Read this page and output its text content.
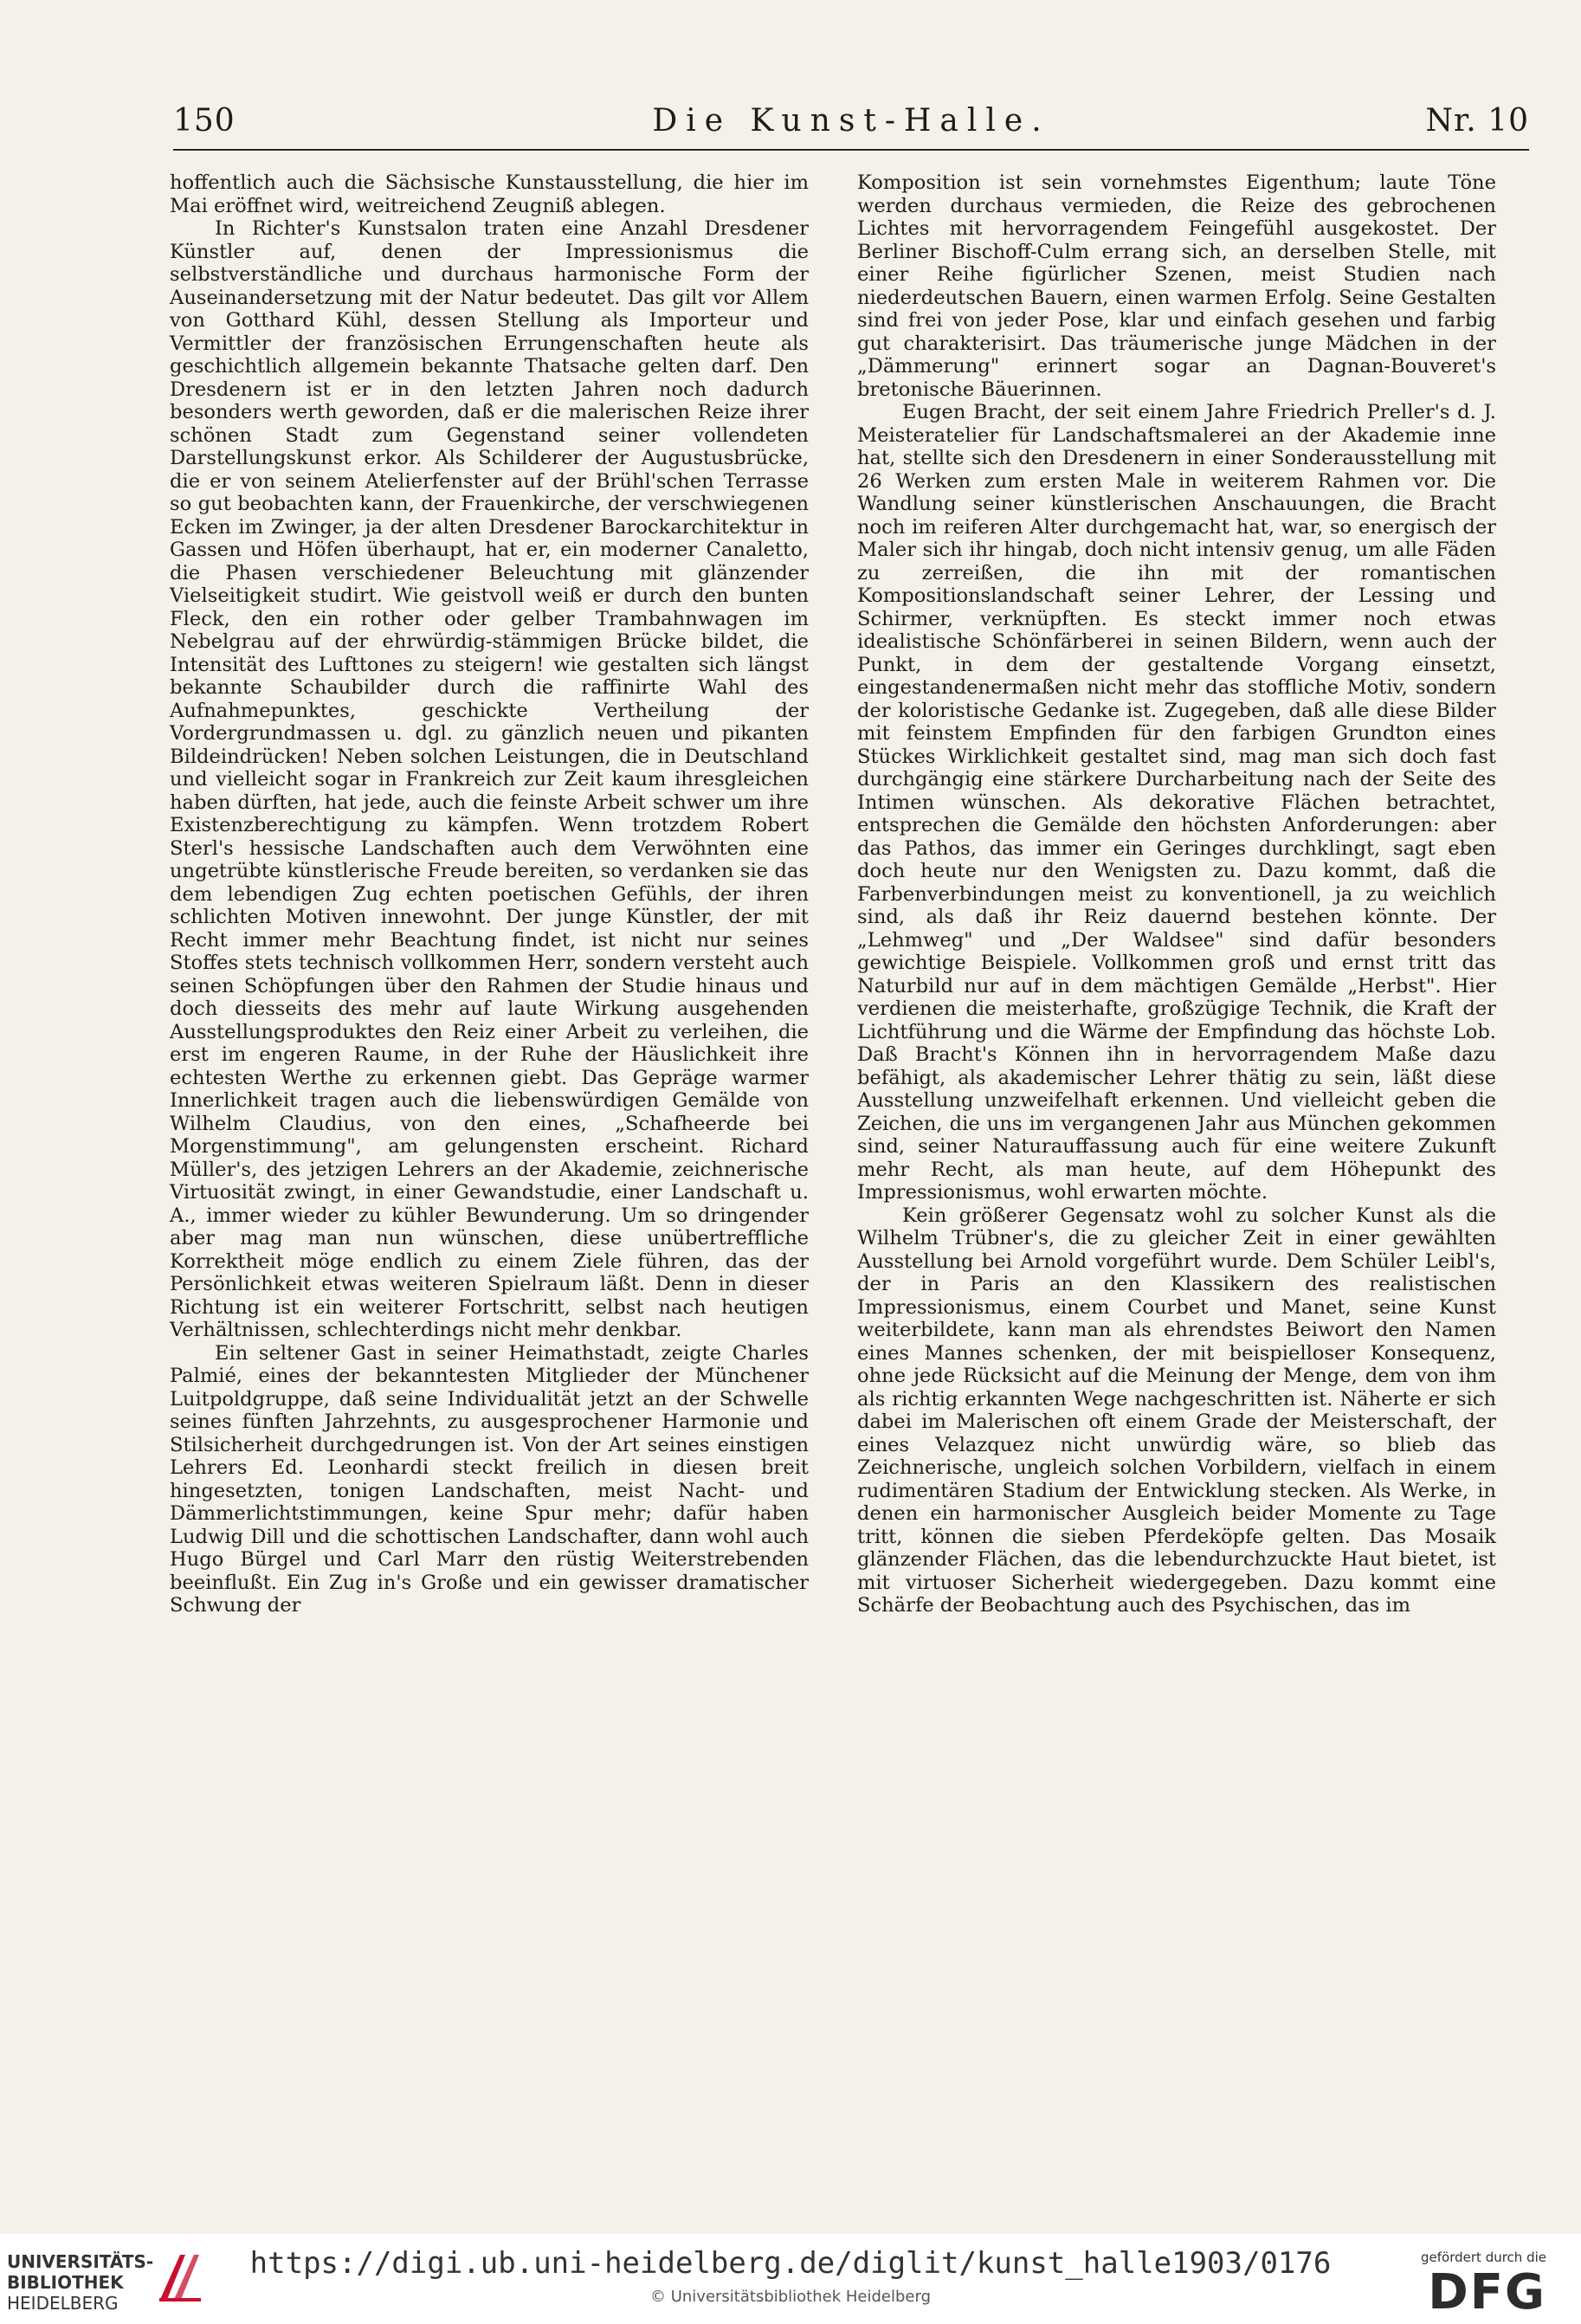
Die Kunst-Halle.
150	Nr. 10

hoffentlich auch die Sächsische Kunstausstellung, die hier im Mai eröffnet wird, weitreichend Zeugniß ablegen.

In Richter's Kunstsalon traten eine Anzahl Dresdener Künstler auf, denen der Impressionismus die selbstverständliche und durchaus harmonische Form der Auseinandersetzung mit der Natur bedeutet. Das gilt vor Allem von Gotthard Kühl, dessen Stellung als Importeur und Vermittler der französischen Errungenschaften heute als geschichtlich allgemein bekannte Thatsache gelten darf. Den Dresdenern ist er in den letzten Jahren noch dadurch besonders werth geworden, daß er die malerischen Reize ihrer schönen Stadt zum Gegenstand seiner vollendeten Darstellungskunst erkor. Als Schilderer der Augustusbrücke, die er von seinem Atelierfenster auf der Brühl'schen Terrasse so gut beobachten kann, der Frauenkirche, der verschwiegenen Ecken im Zwinger, ja der alten Dresdener Barockarchitektur in Gassen und Höfen überhaupt, hat er, ein moderner Canaletto, die Phasen verschiedener Beleuchtung mit glänzender Vielseitigkeit studirt. Wie geistvoll weiß er durch den bunten Fleck, den ein rother oder gelber Trambahnwagen im Nebelgrau auf der ehrwürdig-stämmigen Brücke bildet, die Intensität des Lufttones zu steigern! wie gestalten sich längst bekannte Schaubilder durch die raffinirte Wahl des Aufnahmepunktes, geschickte Vertheilung der Vordergrundmassen u. dgl. zu gänzlich neuen und pikanten Bildeindrücken! Neben solchen Leistungen, die in Deutschland und vielleicht sogar in Frankreich zur Zeit kaum ihresgleichen haben dürften, hat jede, auch die feinste Arbeit schwer um ihre Existenzberechtigung zu kämpfen. Wenn trotzdem Robert Sterl's hessische Landschaften auch dem Verwöhnten eine ungetrübte künstlerische Freude bereiten, so verdanken sie das dem lebendigen Zug echten poetischen Gefühls, der ihren schlichten Motiven innewohnt. Der junge Künstler, der mit Recht immer mehr Beachtung findet, ist nicht nur seines Stoffes stets technisch vollkommen Herr, sondern versteht auch seinen Schöpfungen über den Rahmen der Studie hinaus und doch diesseits des mehr auf laute Wirkung ausgehenden Ausstellungsproduktes den Reiz einer Arbeit zu verleihen, die erst im engeren Raume, in der Ruhe der Häuslichkeit ihre echtesten Werthe zu erkennen giebt. Das Gepräge warmer Innerlichkeit tragen auch die liebenswürdigen Gemälde von Wilhelm Claudius, von den eines, „Schafheerde bei Morgenstimmung", am gelungensten erscheint. Richard Müller's, des jetzigen Lehrers an der Akademie, zeichnerische Virtuosität zwingt, in einer Gewandstudie, einer Landschaft u. A., immer wieder zu kühler Bewunderung. Um so dringender aber mag man nun wünschen, diese unübertreffliche Korrektheit möge endlich zu einem Ziele führen, das der Persönlichkeit etwas weiteren Spielraum läßt. Denn in dieser Richtung ist ein weiterer Fortschritt, selbst nach heutigen Verhältnissen, schlechterdings nicht mehr denkbar.

Ein seltener Gast in seiner Heimathstadt, zeigte Charles Palmié, eines der bekanntesten Mitglieder der Münchener Luitpoldgruppe, daß seine Individualität jetzt an der Schwelle seines fünften Jahrzehnts, zu ausgesprochener Harmonie und Stilsicherheit durchgedrungen ist. Von der Art seines einstigen Lehrers Ed. Leonhardi steckt freilich in diesen breit hingesetzten, tonigen Landschaften, meist Nacht- und Dämmerlichtstimmungen, keine Spur mehr; dafür haben Ludwig Dill und die schottischen Landschafter, dann wohl auch Hugo Bürgel und Carl Marr den rüstig Weiterstrebenden beeinflußt. Ein Zug in's Große und ein gewisser dramatischer Schwung der

Komposition ist sein vornehmstes Eigenthum; laute Töne werden durchaus vermieden, die Reize des gebrochenen Lichtes mit hervorragendem Feingefühl ausgekostet. Der Berliner Bischoff-Culm errang sich, an derselben Stelle, mit einer Reihe figürlicher Szenen, meist Studien nach niederdeutschen Bauern, einen warmen Erfolg. Seine Gestalten sind frei von jeder Pose, klar und einfach gesehen und farbig gut charakterisirt. Das träumerische junge Mädchen in der „Dämmerung" erinnert sogar an Dagnan-Bouveret's bretonische Bäuerinnen.

Eugen Bracht, der seit einem Jahre Friedrich Preller's d. J. Meisteratelier für Landschaftsmalerei an der Akademie inne hat, stellte sich den Dresdenern in einer Sonderausstellung mit 26 Werken zum ersten Male in weiterem Rahmen vor. Die Wandlung seiner künstlerischen Anschauungen, die Bracht noch im reiferen Alter durchgemacht hat, war, so energisch der Maler sich ihr hingab, doch nicht intensiv genug, um alle Fäden zu zerreißen, die ihn mit der romantischen Kompositionslandschaft seiner Lehrer, der Lessing und Schirmer, verknüpften. Es steckt immer noch etwas idealistische Schönfärberei in seinen Bildern, wenn auch der Punkt, in dem der gestaltende Vorgang einsetzt, eingestandenermaßen nicht mehr das stoffliche Motiv, sondern der koloristische Gedanke ist. Zugegeben, daß alle diese Bilder mit feinstem Empfinden für den farbigen Grundton eines Stückes Wirklichkeit gestaltet sind, mag man sich doch fast durchgängig eine stärkere Durcharbeitung nach der Seite des Intimen wünschen. Als dekorative Flächen betrachtet, entsprechen die Gemälde den höchsten Anforderungen: aber das Pathos, das immer ein Geringes durchklingt, sagt eben doch heute nur den Wenigsten zu. Dazu kommt, daß die Farbenverbindungen meist zu konventionell, ja zu weichlich sind, als daß ihr Reiz dauernd bestehen könnte. Der „Lehmweg" und „Der Waldsee" sind dafür besonders gewichtige Beispiele. Vollkommen groß und ernst tritt das Naturbild nur auf in dem mächtigen Gemälde „Herbst". Hier verdienen die meisterhafte, großzügige Technik, die Kraft der Lichtführung und die Wärme der Empfindung das höchste Lob. Daß Bracht's Können ihn in hervorragendem Maße dazu befähigt, als akademischer Lehrer thätig zu sein, läßt diese Ausstellung unzweifelhaft erkennen. Und vielleicht geben die Zeichen, die uns im vergangenen Jahr aus München gekommen sind, seiner Naturauffassung auch für eine weitere Zukunft mehr Recht, als man heute, auf dem Höhepunkt des Impressionismus, wohl erwarten möchte.

Kein größerer Gegensatz wohl zu solcher Kunst als die Wilhelm Trübner's, die zu gleicher Zeit in einer gewählten Ausstellung bei Arnold vorgeführt wurde. Dem Schüler Leibl's, der in Paris an den Klassikern des realistischen Impressionismus, einem Courbet und Manet, seine Kunst weiterbildete, kann man als ehrendstes Beiwort den Namen eines Mannes schenken, der mit beispielloser Konsequenz, ohne jede Rücksicht auf die Meinung der Menge, dem von ihm als richtig erkannten Wege nachgeschritten ist. Näherte er sich dabei im Malerischen oft einem Grade der Meisterschaft, der eines Velazquez nicht unwürdig wäre, so blieb das Zeichnerische, ungleich solchen Vorbildern, vielfach in einem rudimentären Stadium der Entwicklung stecken. Als Werke, in denen ein harmonischer Ausgleich beider Momente zu Tage tritt, können die sieben Pferdeköpfe gelten. Das Mosaik glänzender Flächen, das die lebendurchzuckte Haut bietet, ist mit virtuoser Sicherheit wiedergegeben. Dazu kommt eine Schärfe der Beobachtung auch des Psychischen, das im

UNIVERSITÄTS-
BIBLIOTHEK
HEIDELBERG
https://digi.ub.uni-heidelberg.de/diglit/kunst_halle1903/0176
© Universitätsbibliothek Heidelberg
gefördert durch die
DFG
